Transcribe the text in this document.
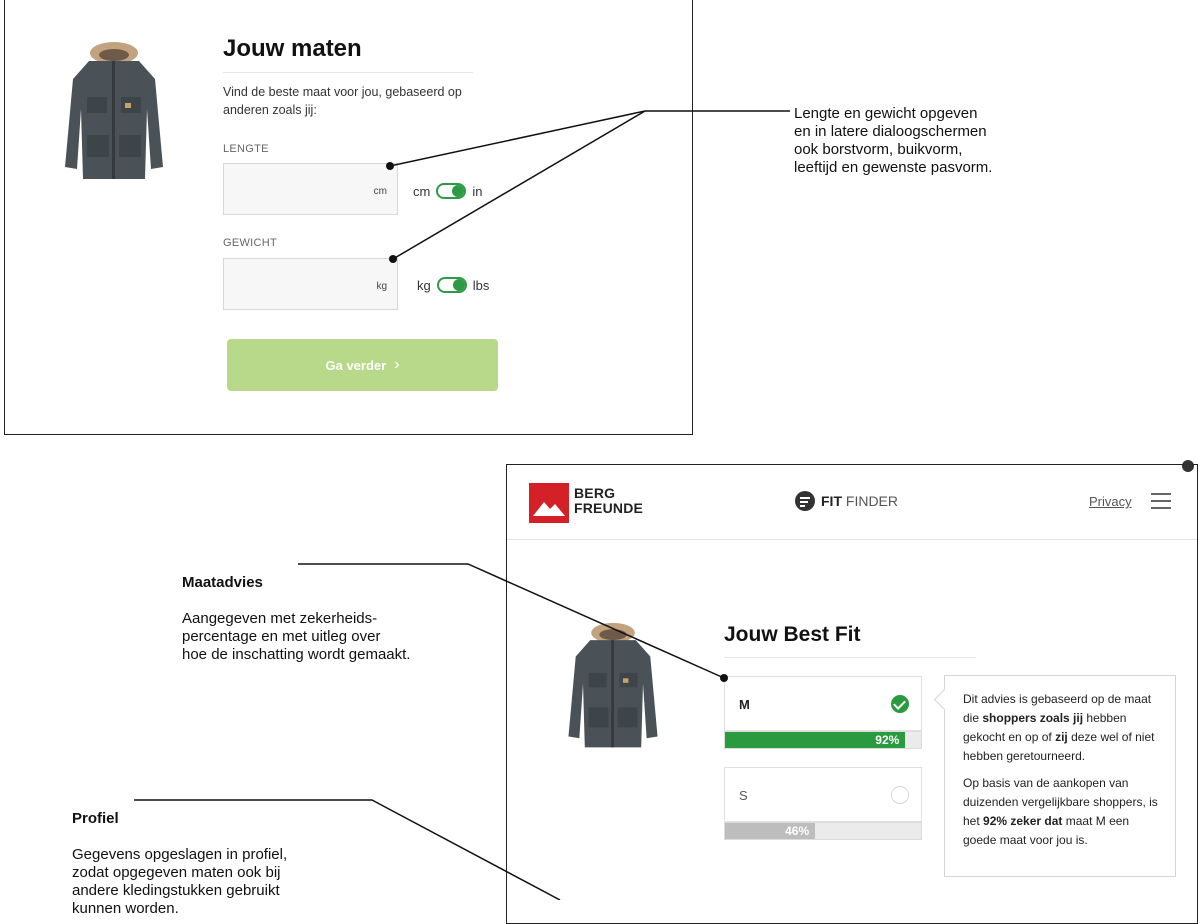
Jouw maten
Vind de beste maat voor jou, gebaseerd op
anderen zoals jij:
LENGTE
cm cm	in
GEWICHT
kg kg	lbs
Ga verder ›
Lengte en gewicht opgeven
en in latere dialoogschermen
ook borstvorm, buikvorm,
leeftijd en gewenste pasvorm.

Maatadvies

Aangegeven met zekerheids-
percentage en met uitleg over
hoe de inschatting wordt gemaakt.

Profiel

Gegevens opgeslagen in profiel,
zodat opgegeven maten ook bij
andere kledingstukken gebruikt
kunnen worden.

BERG
FREUNDE	FIT FINDER	Privacy
Jouw Best Fit
M
92%
S
46%

Dit advies is gebaseerd op de maat die shoppers zoals jij hebben gekocht en op of zij deze wel of niet hebben geretourneerd.

Op basis van de aankopen van duizenden vergelijkbare shoppers, is het 92% zeker dat maat M een goede maat voor jou is.
